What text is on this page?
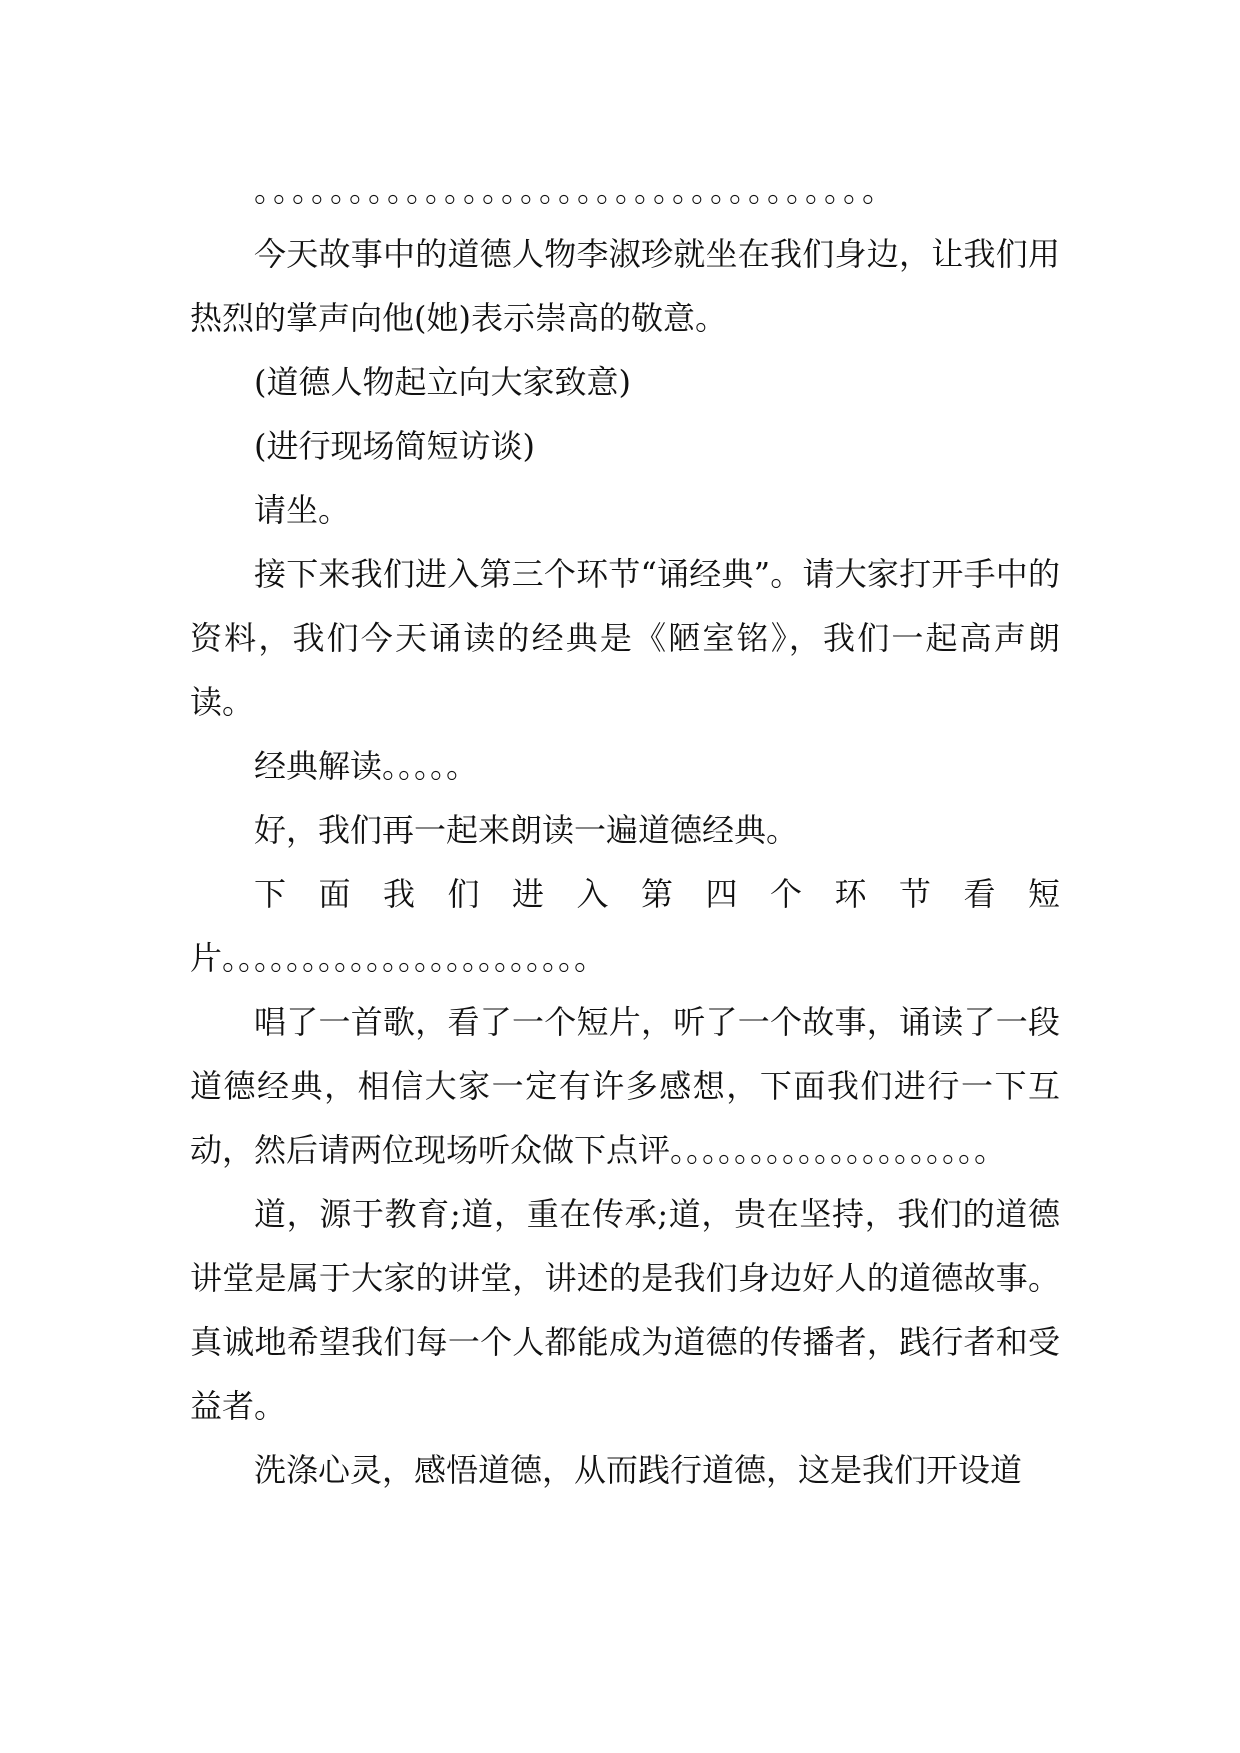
。。。。。。。。。。。。。。。。。。。。。。。。。。。。。。。。。

今天故事中的道德人物李淑珍就坐在我们身边，让我们用热烈的掌声向他(她)表示崇高的敬意。

(道德人物起立向大家致意)

(进行现场简短访谈)

请坐。

接下来我们进入第三个环节“诵经典”。请大家打开手中的资料，我们今天诵读的经典是《陋室铭》，我们一起高声朗读。

经典解读。。。。。

好，我们再一起来朗读一遍道德经典。

下面我们进入第四个环节看短片。。。。。。。。。。。。。。。。。。。。。。。

唱了一首歌，看了一个短片，听了一个故事，诵读了一段道德经典，相信大家一定有许多感想，下面我们进行一下互动，然后请两位现场听众做下点评。。。。。。。。。。。。。。。。。。。。

道，源于教育;道，重在传承;道，贵在坚持，我们的道德讲堂是属于大家的讲堂，讲述的是我们身边好人的道德故事。真诚地希望我们每一个人都能成为道德的传播者，践行者和受益者。

洗涤心灵，感悟道德，从而践行道德，这是我们开设道
